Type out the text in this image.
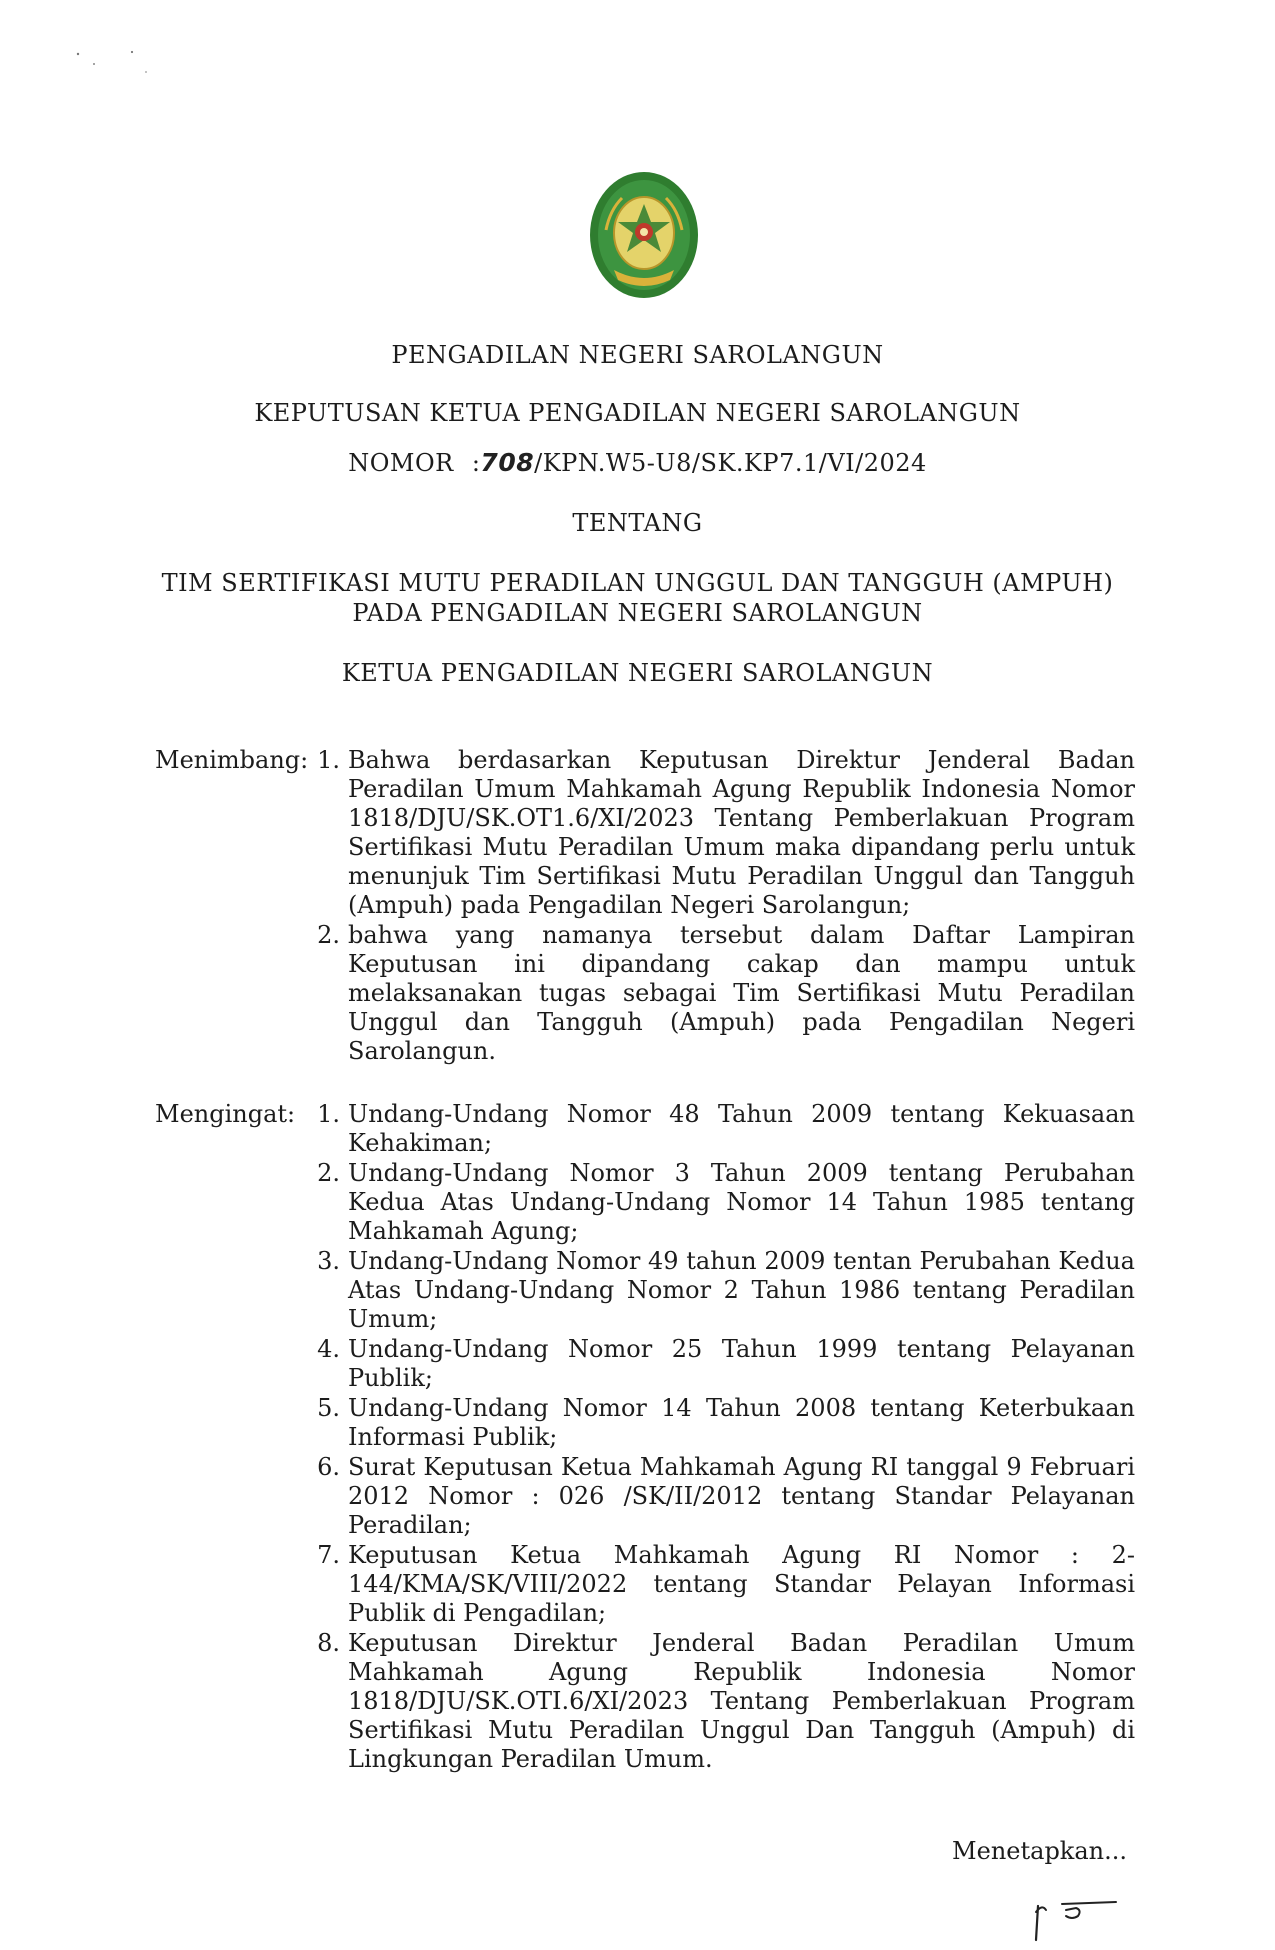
PENGADILAN NEGERI SAROLANGUN
KEPUTUSAN KETUA PENGADILAN NEGERI SAROLANGUN
NOMOR :708/KPN.W5-U8/SK.KP7.1/VI/2024
TENTANG
TIM SERTIFIKASI MUTU PERADILAN UNGGUL DAN TANGGUH (AMPUH)
PADA PENGADILAN NEGERI SAROLANGUN
KETUA PENGADILAN NEGERI SAROLANGUN
Menimbang: 1. Bahwa berdasarkan Keputusan Direktur Jenderal Badan Peradilan Umum Mahkamah Agung Republik Indonesia Nomor 1818/DJU/SK.OT1.6/XI/2023 Tentang Pemberlakuan Program Sertifikasi Mutu Peradilan Umum maka dipandang perlu untuk menunjuk Tim Sertifikasi Mutu Peradilan Unggul dan Tangguh (Ampuh) pada Pengadilan Negeri Sarolangun;
2. bahwa yang namanya tersebut dalam Daftar Lampiran Keputusan ini dipandang cakap dan mampu untuk melaksanakan tugas sebagai Tim Sertifikasi Mutu Peradilan Unggul dan Tangguh (Ampuh) pada Pengadilan Negeri Sarolangun.
Mengingat: 1. Undang-Undang Nomor 48 Tahun 2009 tentang Kekuasaan Kehakiman;
2. Undang-Undang Nomor 3 Tahun 2009 tentang Perubahan Kedua Atas Undang-Undang Nomor 14 Tahun 1985 tentang Mahkamah Agung;
3. Undang-Undang Nomor 49 tahun 2009 tentan Perubahan Kedua Atas Undang-Undang Nomor 2 Tahun 1986 tentang Peradilan Umum;
4. Undang-Undang Nomor 25 Tahun 1999 tentang Pelayanan Publik;
5. Undang-Undang Nomor 14 Tahun 2008 tentang Keterbukaan Informasi Publik;
6. Surat Keputusan Ketua Mahkamah Agung RI tanggal 9 Februari 2012 Nomor : 026 /SK/II/2012 tentang Standar Pelayanan Peradilan;
7. Keputusan Ketua Mahkamah Agung RI Nomor : 2-144/KMA/SK/VIII/2022 tentang Standar Pelayan Informasi Publik di Pengadilan;
8. Keputusan Direktur Jenderal Badan Peradilan Umum Mahkamah Agung Republik Indonesia Nomor 1818/DJU/SK.OTI.6/XI/2023 Tentang Pemberlakuan Program Sertifikasi Mutu Peradilan Unggul Dan Tangguh (Ampuh) di Lingkungan Peradilan Umum.
Menetapkan...
